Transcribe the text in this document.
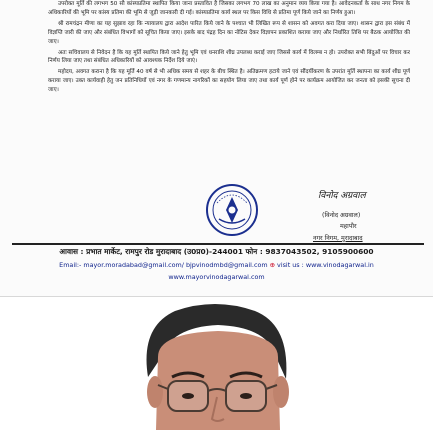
उपरोक्त मूर्ति की लगभग 50 सौ कांस्यप्रतिमा स्थापित किया जाना प्रस्तावित है जिसका लगभग 70 लाख का अनुमान व्यय किया गया है। आवेदनकर्ता के साथ नगर निगम के अधिकारियों की भूमि पर कांस्य प्रतिमा की भूमि से जुड़ी जानकारी दी गई। कांस्यप्रतिमा कार्य स्थल पर किस विधि से प्रतिमा पूर्ण किये जाने का निर्णय हुआ।

श्री रामचंद्रन मीणा का यह सुझाव रहा कि न्यायालय द्वारा आदेश पारित किये जाने के पश्चात भी लिखित रूप से शासन को अवगत करा दिया जाए। शासन द्वारा इस संबंध में विज्ञप्ति जारी की जाए और संबंधित विभागों को सूचित किया जाए। इसके बाद पंद्रह दिन का नोटिस देकर विज्ञापन प्रकाशित कराया जाए और निर्धारित तिथि पर बैठक आयोजित की जाए।

अतः सचिवालय से निवेदन है कि यह मूर्ति स्थापित किये जाने हेतु भूमि एवं धनराशि शीघ्र उपलब्ध कराई जाए जिससे कार्य में विलम्ब न हो। उपरोक्त सभी बिंदुओं पर विचार कर निर्णय लिया जाए तथा संबंधित अधिकारियों को आवश्यक निर्देश दिये जाएं।

महोदय, अवगत कराना है कि यह मूर्ति 40 वर्ष से भी अधिक समय से शहर के बीच स्थित है। अतिक्रमण हटाये जाने एवं सौंदर्यीकरण के उपरांत मूर्ति स्थापना का कार्य शीघ्र पूर्ण कराया जाए। उक्त कार्यवाही हेतु जन प्रतिनिधियों एवं नगर के गणमान्य नागरिकों का सहयोग लिया जाए तथा कार्य पूर्ण होने पर कार्यक्रम आयोजित कर जनता को इसकी सूचना दी जाए।

विनोद अग्रवाल
(विनोद अग्रवाल)
महापौर
नगर निगम, मुरादाबाद
आवास : प्रभात मार्केट, रामपुर रोड मुरादाबाद (उ0प्र0)-244001 फोन : 9837043502, 9105900600
Email:- mayor.moradabad@gmail.com/ bjpvinodmbd@gmail.com ⊕ visit us : www.vinodagarwal.in
www.mayorvinodagarwal.com
